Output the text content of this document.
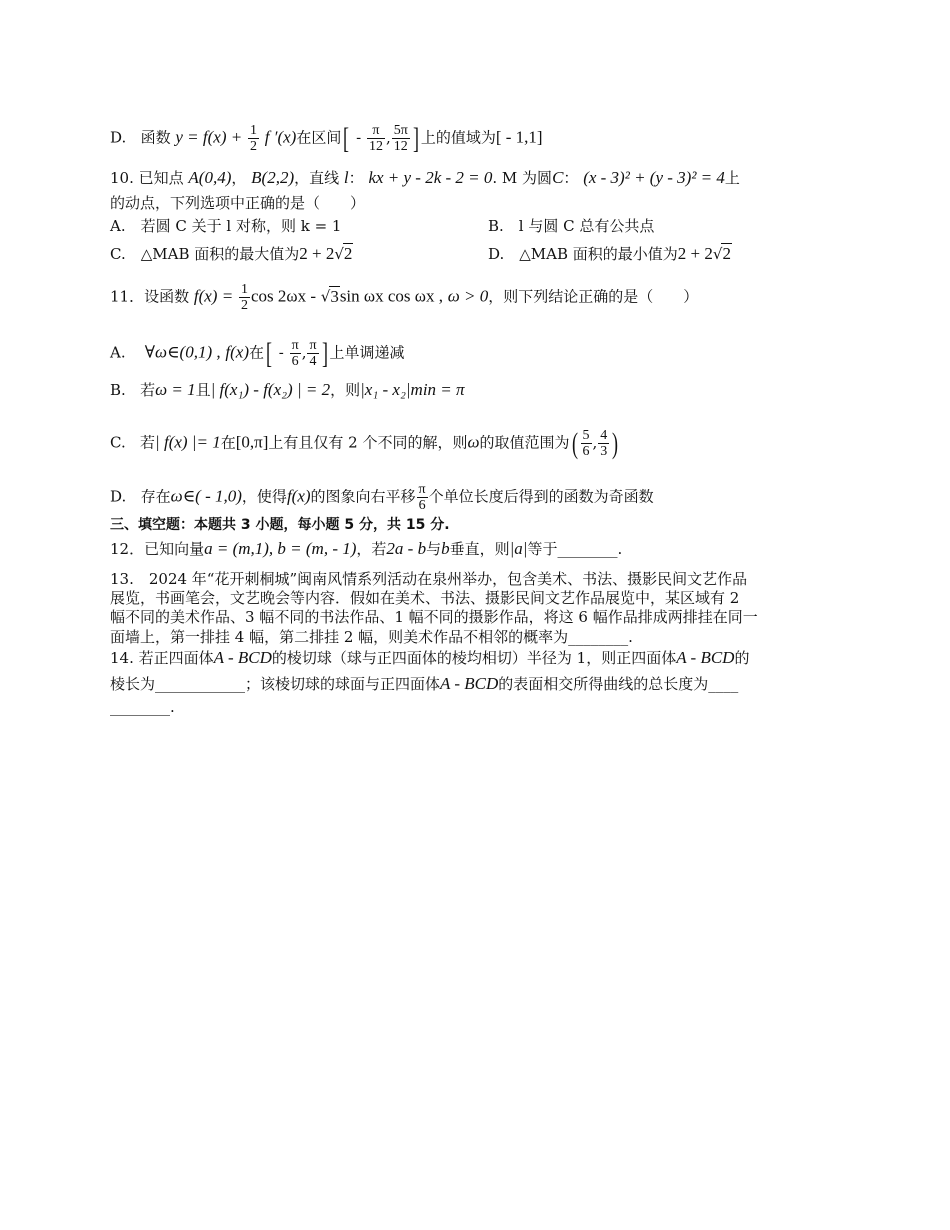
D. 函数 $y = f(x) + \frac{1}{2}$ f ′(x)在区间[ - $\frac{\pi}{12}$ , $\frac{5\pi}{12}$ ] 上的值域为[ - 1,1]
10. 已知点 A(0,4)， B(2,2)，直线 l： kx + y - 2k - 2 = 0. M 为圆C： (x - 3)² + (y - 3)² = 4上
的动点，下列选项中正确的是（　　）
A.　若圆 C 关于 l 对称，则 k = 1	B.　l 与圆 C 总有公共点
C.　△MAB 面积的最大值为2 + 2√2	D.　△MAB 面积的最小值为2 + 2√2
11．设函数 $f(x) = \frac{1}{2}$ cos 2ωx - √3sin ωx cos ωx , ω > 0，则下列结论正确的是（　　）
A. ∀ω∈(0,1) , f(x)在[ - $\frac{\pi}{6}$ , $\frac{\pi}{4}$ ] 上单调递减
B. 若ω = 1且| f(x₁) - f(x₂) | = 2，则|x₁ - x₂|min = π
C. 若| f(x) |= 1在[0,π]上有且仅有 2 个不同的解，则ω的取值范围为( $\frac{5}{6}$ , $\frac{4}{3}$ )
D. 存在ω∈( - 1,0)，使得f(x)的图象向右平移 $\frac{\pi}{6}$ 个单位长度后得到的函数为奇函数
三、填空题：本题共 3 小题，每小题 5 分，共 15 分.
12．已知向量a = (m,1), b = (m, - 1)，若2a - b与b垂直，则|a|等于________.
13.　2024 年“花开刺桐城”闽南风情系列活动在泉州举办，包含美术、书法、摄影民间文艺作品
展览，书画笔会，文艺晚会等内容．假如在美术、书法、摄影民间文艺作品展览中，某区域有 2
幅不同的美术作品、3 幅不同的书法作品、1 幅不同的摄影作品，将这 6 幅作品排成两排挂在同一
面墙上，第一排挂 4 幅，第二排挂 2 幅，则美术作品不相邻的概率为________.
14. 若正四面体A - BCD的棱切球（球与正四面体的棱均相切）半径为 1，则正四面体A - BCD的
棱长为____________；该棱切球的球面与正四面体A - BCD的表面相交所得曲线的总长度为____
________.
